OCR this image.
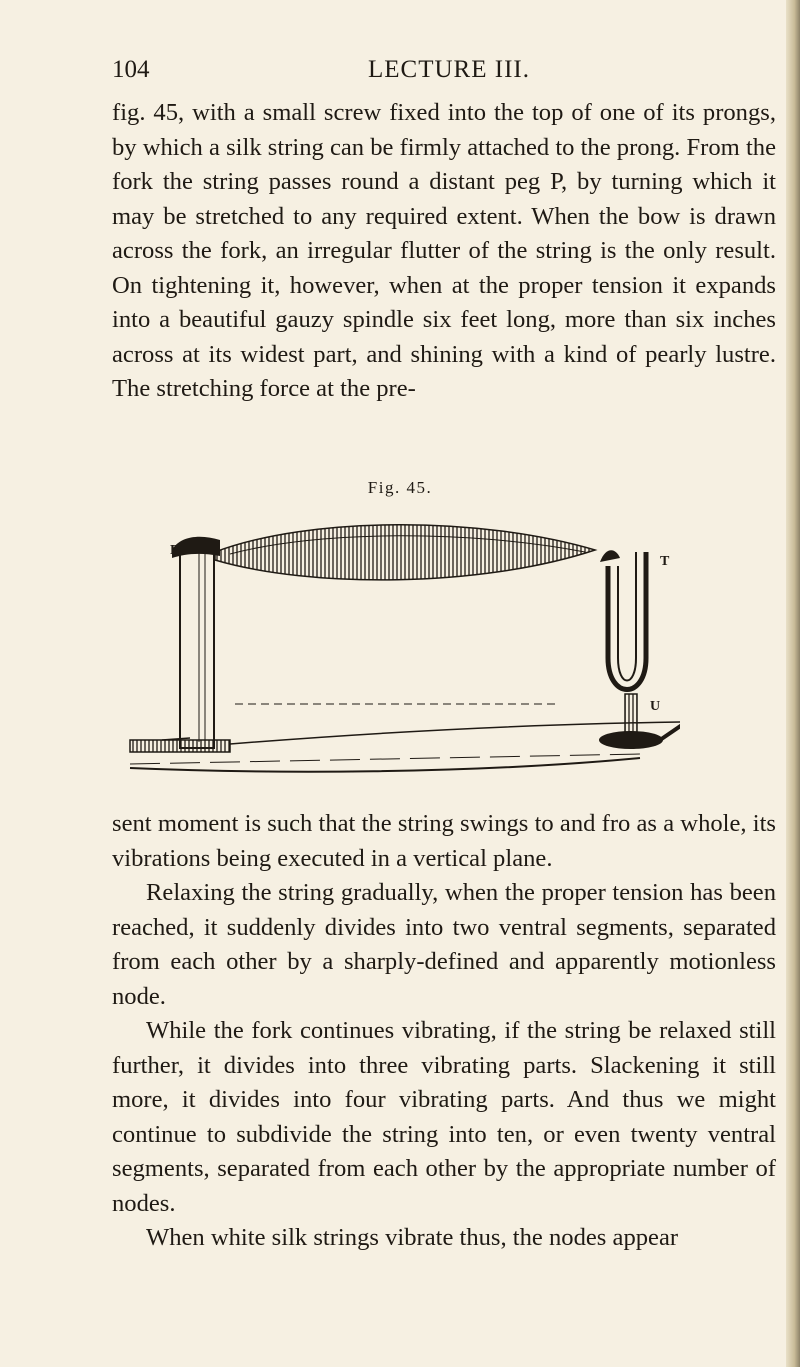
104	LECTURE III.

fig. 45, with a small screw fixed into the top of one of its prongs, by which a silk string can be firmly attached to the prong. From the fork the string passes round a distant peg P, by turning which it may be stretched to any required extent. When the bow is drawn across the fork, an irregular flutter of the string is the only result. On tightening it, however, when at the proper tension it expands into a beautiful gauzy spindle six feet long, more than six inches across at its widest part, and shining with a kind of pearly lustre. The stretching force at the pre-

Fig. 45.
P
T
U

sent moment is such that the string swings to and fro as a whole, its vibrations being executed in a vertical plane.

Relaxing the string gradually, when the proper tension has been reached, it suddenly divides into two ventral segments, separated from each other by a sharply-defined and apparently motionless node.

While the fork continues vibrating, if the string be relaxed still further, it divides into three vibrating parts. Slackening it still more, it divides into four vibrating parts. And thus we might continue to subdivide the string into ten, or even twenty ventral segments, separated from each other by the appropriate number of nodes.

When white silk strings vibrate thus, the nodes appear
